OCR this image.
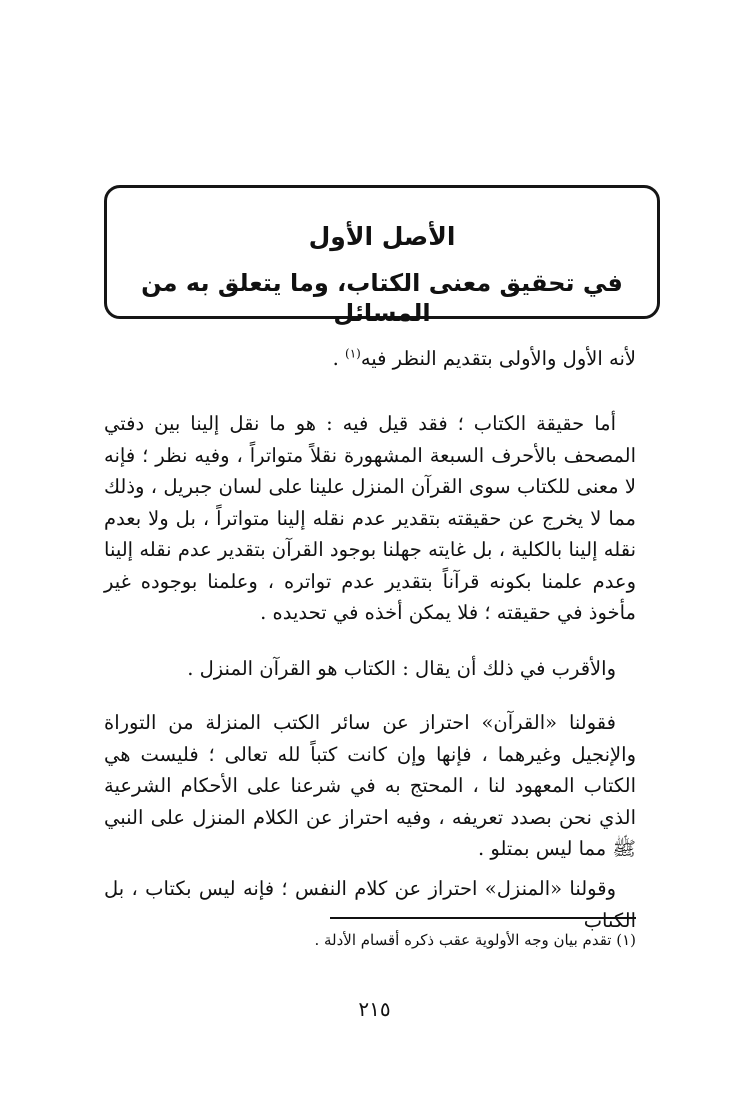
الأصل الأول
في تحقيق معنى الكتاب، وما يتعلق به من المسائل

لأنه الأول والأولى بتقديم النظر فيه$^{(١)}$ .

أما حقيقة الكتاب ؛ فقد قيل فيه : هو ما نقل إلينا بين دفتي المصحف بالأحرف السبعة المشهورة نقلاً متواتراً ، وفيه نظر ؛ فإنه لا معنى للكتاب سوى القرآن المنزل علينا على لسان جبريل ، وذلك مما لا يخرج عن حقيقته بتقدير عدم نقله إلينا متواتراً ، بل ولا بعدم نقله إلينا بالكلية ، بل غايته جهلنا بوجود القرآن بتقدير عدم نقله إلينا وعدم علمنا بكونه قرآناً بتقدير عدم تواتره ، وعلمنا بوجوده غير مأخوذ في حقيقته ؛ فلا يمكن أخذه في تحديده .

والأقرب في ذلك أن يقال : الكتاب هو القرآن المنزل .

فقولنا «القرآن» احتراز عن سائر الكتب المنزلة من التوراة والإنجيل وغيرهما ، فإنها وإن كانت كتباً لله تعالى ؛ فليست هي الكتاب المعهود لنا ، المحتج به في شرعنا على الأحكام الشرعية الذي نحن بصدد تعريفه ، وفيه احتراز عن الكلام المنزل على النبي ﷺ مما ليس بمتلو .

وقولنا «المنزل» احتراز عن كلام النفس ؛ فإنه ليس بكتاب ، بل الكتاب

(١) تقدم بيان وجه الأولوية عقب ذكره أقسام الأدلة .
٢١٥
